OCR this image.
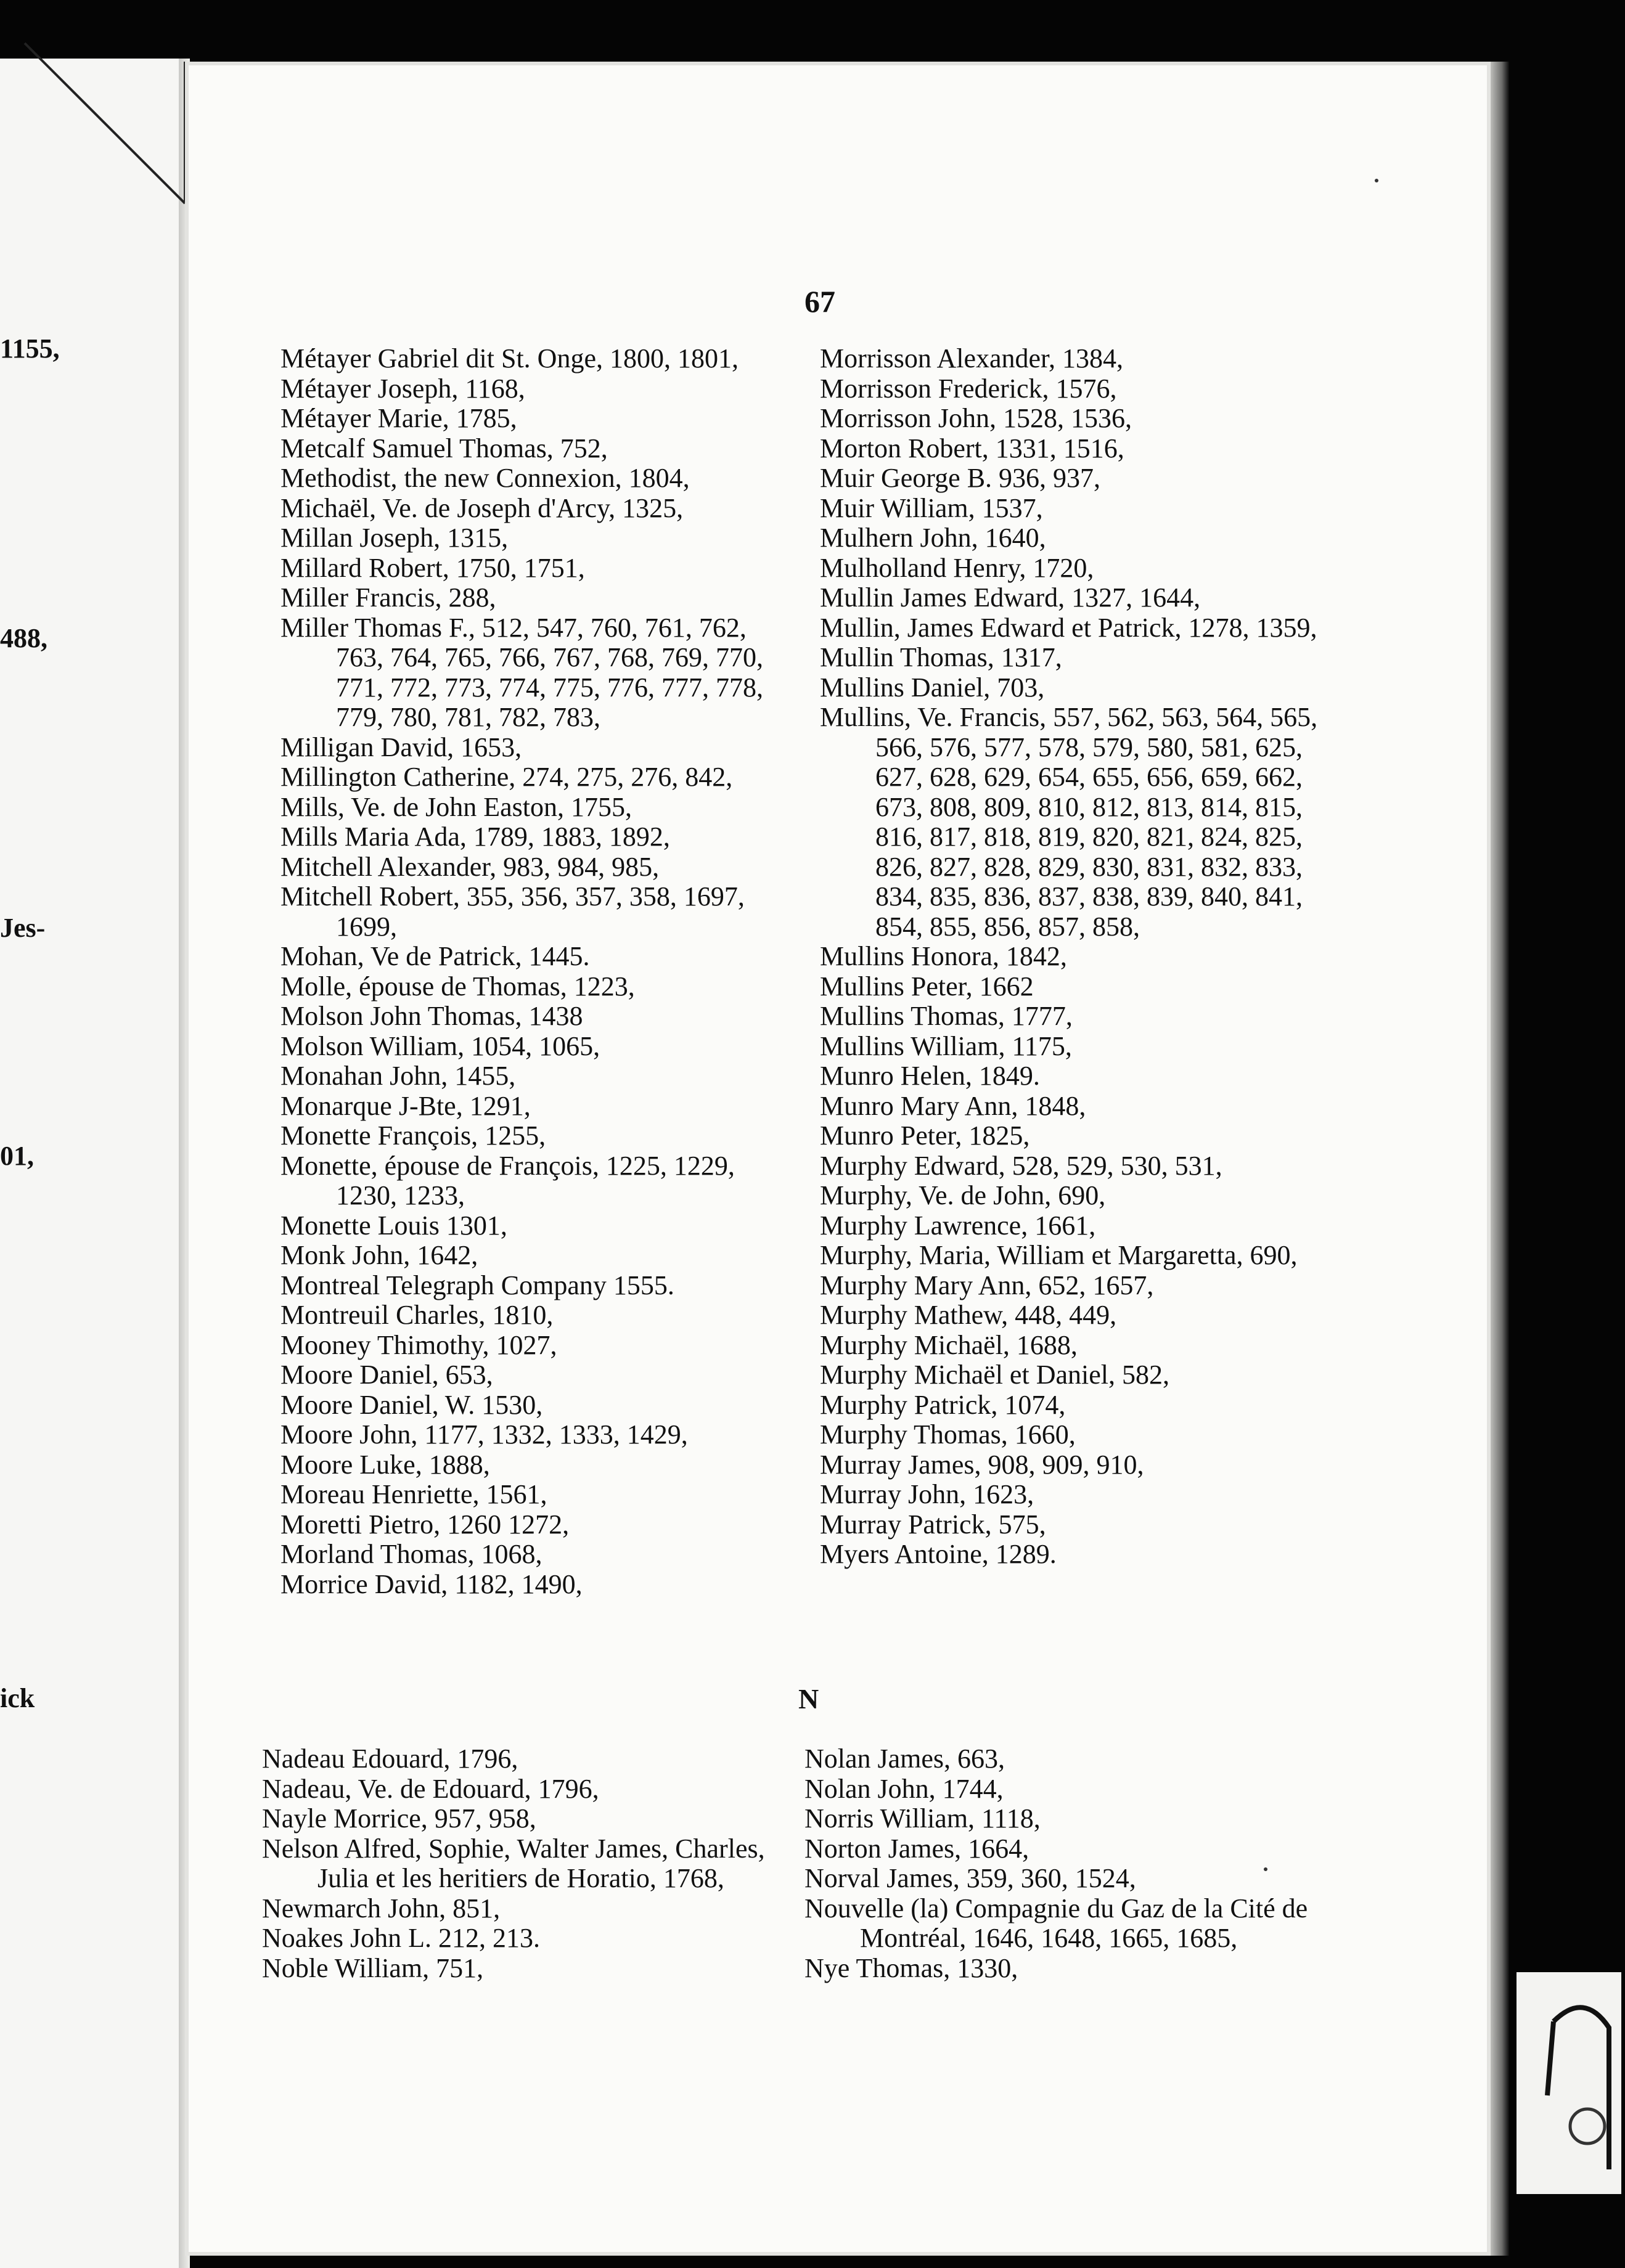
1155,
488,
Jes-
01,
ick
67
Métayer Gabriel dit St. Onge, 1800, 1801,
Métayer Joseph, 1168,
Métayer Marie, 1785,
Metcalf Samuel Thomas, 752,
Methodist, the new Connexion, 1804,
Michaël, Ve. de Joseph d'Arcy, 1325,
Millan Joseph, 1315,
Millard Robert, 1750, 1751,
Miller Francis, 288,
Miller Thomas F., 512, 547, 760, 761, 762, 763, 764, 765, 766, 767, 768, 769, 770, 771, 772, 773, 774, 775, 776, 777, 778, 779, 780, 781, 782, 783,
Milligan David, 1653,
Millington Catherine, 274, 275, 276, 842,
Mills, Ve. de John Easton, 1755,
Mills Maria Ada, 1789, 1883, 1892,
Mitchell Alexander, 983, 984, 985,
Mitchell Robert, 355, 356, 357, 358, 1697, 1699,
Mohan, Ve de Patrick, 1445.
Molle, épouse de Thomas, 1223,
Molson John Thomas, 1438
Molson William, 1054, 1065,
Monahan John, 1455,
Monarque J-Bte, 1291,
Monette François, 1255,
Monette, épouse de François, 1225, 1229, 1230, 1233,
Monette Louis 1301,
Monk John, 1642,
Montreal Telegraph Company 1555.
Montreuil Charles, 1810,
Mooney Thimothy, 1027,
Moore Daniel, 653,
Moore Daniel, W. 1530,
Moore John, 1177, 1332, 1333, 1429,
Moore Luke, 1888,
Moreau Henriette, 1561,
Moretti Pietro, 1260 1272,
Morland Thomas, 1068,
Morrice David, 1182, 1490,
Morrisson Alexander, 1384,
Morrisson Frederick, 1576,
Morrisson John, 1528, 1536,
Morton Robert, 1331, 1516,
Muir George B. 936, 937,
Muir William, 1537,
Mulhern John, 1640,
Mulholland Henry, 1720,
Mullin James Edward, 1327, 1644,
Mullin, James Edward et Patrick, 1278, 1359,
Mullin Thomas, 1317,
Mullins Daniel, 703,
Mullins, Ve. Francis, 557, 562, 563, 564, 565, 566, 576, 577, 578, 579, 580, 581, 625, 627, 628, 629, 654, 655, 656, 659, 662, 673, 808, 809, 810, 812, 813, 814, 815, 816, 817, 818, 819, 820, 821, 824, 825, 826, 827, 828, 829, 830, 831, 832, 833, 834, 835, 836, 837, 838, 839, 840, 841, 854, 855, 856, 857, 858,
Mullins Honora, 1842,
Mullins Peter, 1662
Mullins Thomas, 1777,
Mullins William, 1175,
Munro Helen, 1849.
Munro Mary Ann, 1848,
Munro Peter, 1825,
Murphy Edward, 528, 529, 530, 531,
Murphy, Ve. de John, 690,
Murphy Lawrence, 1661,
Murphy, Maria, William et Margaretta, 690,
Murphy Mary Ann, 652, 1657,
Murphy Mathew, 448, 449,
Murphy Michaël, 1688,
Murphy Michaël et Daniel, 582,
Murphy Patrick, 1074,
Murphy Thomas, 1660,
Murray James, 908, 909, 910,
Murray John, 1623,
Murray Patrick, 575,
Myers Antoine, 1289.
N
Nadeau Edouard, 1796,
Nadeau, Ve. de Edouard, 1796,
Nayle Morrice, 957, 958,
Nelson Alfred, Sophie, Walter James, Charles, Julia et les heritiers de Horatio, 1768,
Newmarch John, 851,
Noakes John L. 212, 213.
Noble William, 751,
Nolan James, 663,
Nolan John, 1744,
Norris William, 1118,
Norton James, 1664,
Norval James, 359, 360, 1524,
Nouvelle (la) Compagnie du Gaz de la Cité de Montréal, 1646, 1648, 1665, 1685,
Nye Thomas, 1330,
